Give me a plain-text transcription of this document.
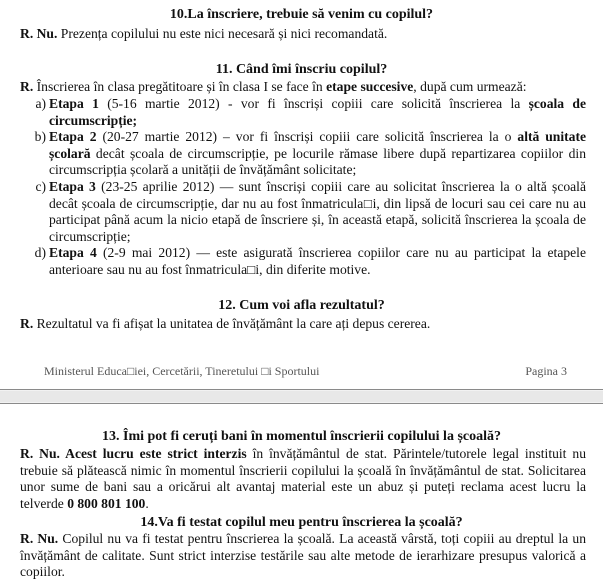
10.La înscriere, trebuie să venim cu copilul?
R. Nu. Prezența copilului nu este nici necesară și nici recomandată.
11. Când îmi înscriu copilul?
R. Înscrierea în clasa pregătitoare și în clasa I se face în etape succesive, după cum urmează:
a) Etapa 1 (5-16 martie 2012) - vor fi înscriși copiii care solicită înscrierea la școala de circumscripție;
b) Etapa 2 (20-27 martie 2012) – vor fi înscriși copiii care solicită înscrierea la o altă unitate școlară decât școala de circumscripție, pe locurile rămase libere după repartizarea copiilor din circumscripția școlară a unității de învățământ solicitate;
c) Etapa 3 (23-25 aprilie 2012) — sunt înscriși copiii care au solicitat înscrierea la o altă școală decât școala de circumscripție, dar nu au fost înmatricula□i, din lipsă de locuri sau cei care nu au participat până acum la nicio etapă de înscriere și, în această etapă, solicită înscrierea la școala de circumscripție;
d) Etapa 4 (2-9 mai 2012) — este asigurată înscrierea copiilor care nu au participat la etapele anterioare sau nu au fost înmatricula□i, din diferite motive.
12. Cum voi afla rezultatul?
R. Rezultatul va fi afișat la unitatea de învățământ la care ați depus cererea.
Ministerul Educa□iei, Cercetării, Tineretului □i Sportului	Pagina 3
13. Îmi pot fi ceruți bani în momentul înscrierii copilului la școală?
R. Nu. Acest lucru este strict interzis în învățământul de stat. Părintele/tutorele legal instituit nu trebuie să plătească nimic în momentul înscrierii copilului la școală în învățământul de stat. Solicitarea unor sume de bani sau a oricărui alt avantaj material este un abuz și puteți reclama acest lucru la telverde 0 800 801 100.
14.Va fi testat copilul meu pentru înscrierea la școală?
R. Nu. Copilul nu va fi testat pentru înscrierea la școală. La această vârstă, toți copiii au dreptul la un învățământ de calitate. Sunt strict interzise testările sau alte metode de ierarhizare presupus valorică a copiilor.
